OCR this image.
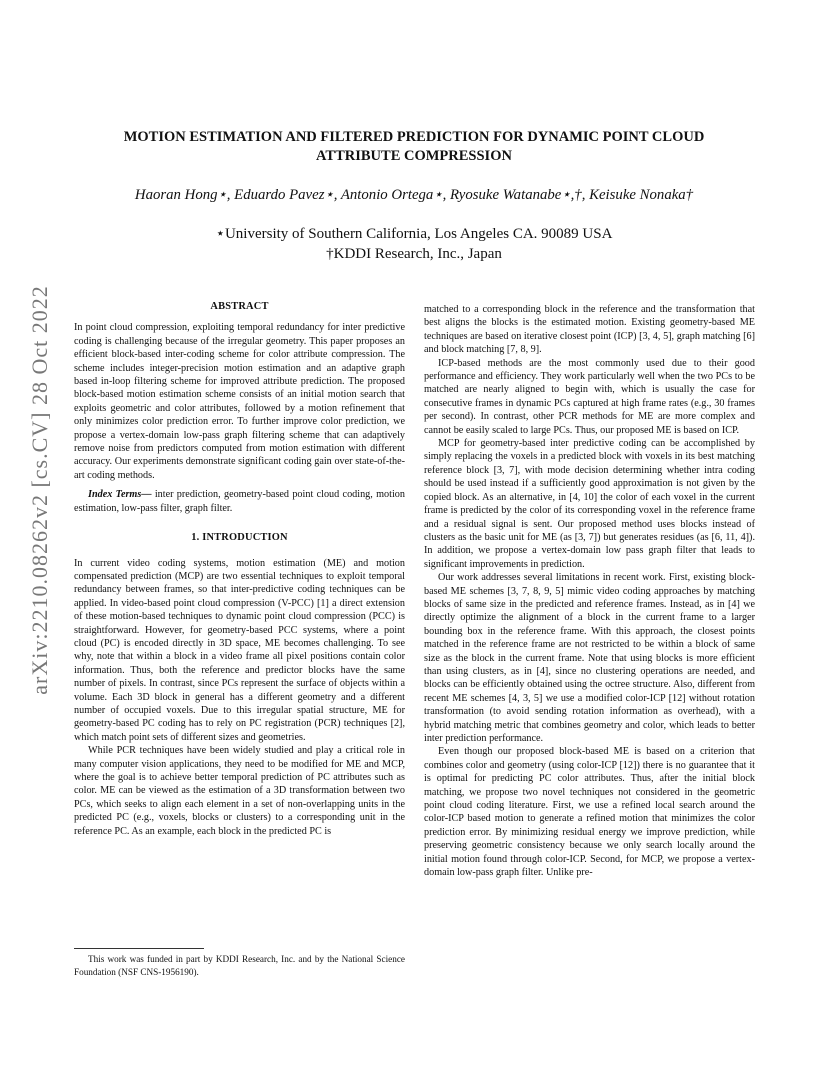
arXiv:2210.08262v2 [cs.CV] 28 Oct 2022
MOTION ESTIMATION AND FILTERED PREDICTION FOR DYNAMIC POINT CLOUD
ATTRIBUTE COMPRESSION

Haoran Hong⋆, Eduardo Pavez⋆, Antonio Ortega⋆, Ryosuke Watanabe⋆,†, Keisuke Nonaka†

⋆University of Southern California, Los Angeles CA. 90089 USA
†KDDI Research, Inc., Japan
ABSTRACT

In point cloud compression, exploiting temporal redundancy for inter predictive coding is challenging because of the irregular geometry. This paper proposes an efficient block-based inter-coding scheme for color attribute compression. The scheme includes integer-precision motion estimation and an adaptive graph based in-loop filtering scheme for improved attribute prediction. The proposed block-based motion estimation scheme consists of an initial motion search that exploits geometric and color attributes, followed by a motion refinement that only minimizes color prediction error. To further improve color prediction, we propose a vertex-domain low-pass graph filtering scheme that can adaptively remove noise from predictors computed from motion estimation with different accuracy. Our experiments demonstrate significant coding gain over state-of-the-art coding methods.

Index Terms— inter prediction, geometry-based point cloud coding, motion estimation, low-pass filter, graph filter.

1. INTRODUCTION

In current video coding systems, motion estimation (ME) and motion compensated prediction (MCP) are two essential techniques to exploit temporal redundancy between frames, so that inter-predictive coding techniques can be applied. In video-based point cloud compression (V-PCC) [1] a direct extension of these motion-based techniques to dynamic point cloud compression (PCC) is straightforward. However, for geometry-based PCC systems, where a point cloud (PC) is encoded directly in 3D space, ME becomes challenging. To see why, note that within a block in a video frame all pixel positions contain color information. Thus, both the reference and predictor blocks have the same number of pixels. In contrast, since PCs represent the surface of objects within a volume. Each 3D block in general has a different geometry and a different number of occupied voxels. Due to this irregular spatial structure, ME for geometry-based PC coding has to rely on PC registration (PCR) techniques [2], which match point sets of different sizes and geometries.

While PCR techniques have been widely studied and play a critical role in many computer vision applications, they need to be modified for ME and MCP, where the goal is to achieve better temporal prediction of PC attributes such as color. ME can be viewed as the estimation of a 3D transformation between two PCs, which seeks to align each element in a set of non-overlapping units in the predicted PC (e.g., voxels, blocks or clusters) to a corresponding unit in the reference PC. As an example, each block in the predicted PC is

This work was funded in part by KDDI Research, Inc. and by the National Science Foundation (NSF CNS-1956190).

matched to a corresponding block in the reference and the transformation that best aligns the blocks is the estimated motion. Existing geometry-based ME techniques are based on iterative closest point (ICP) [3, 4, 5], graph matching [6] and block matching [7, 8, 9].

ICP-based methods are the most commonly used due to their good performance and efficiency. They work particularly well when the two PCs to be matched are nearly aligned to begin with, which is usually the case for consecutive frames in dynamic PCs captured at high frame rates (e.g., 30 frames per second). In contrast, other PCR methods for ME are more complex and cannot be easily scaled to large PCs. Thus, our proposed ME is based on ICP.

MCP for geometry-based inter predictive coding can be accomplished by simply replacing the voxels in a predicted block with voxels in its best matching reference block [3, 7], with mode decision determining whether intra coding should be used instead if a sufficiently good approximation is not given by the copied block. As an alternative, in [4, 10] the color of each voxel in the current frame is predicted by the color of its corresponding voxel in the reference frame and a residual signal is sent. Our proposed method uses blocks instead of clusters as the basic unit for ME (as [3, 7]) but generates residues (as [6, 11, 4]). In addition, we propose a vertex-domain low pass graph filter that leads to significant improvements in prediction.

Our work addresses several limitations in recent work. First, existing block-based ME schemes [3, 7, 8, 9, 5] mimic video coding approaches by matching blocks of same size in the predicted and reference frames. Instead, as in [4] we directly optimize the alignment of a block in the current frame to a larger bounding box in the reference frame. With this approach, the closest points matched in the reference frame are not restricted to be within a block of same size as the block in the current frame. Note that using blocks is more efficient than using clusters, as in [4], since no clustering operations are needed, and blocks can be efficiently obtained using the octree structure. Also, different from recent ME schemes [4, 3, 5] we use a modified color-ICP [12] without rotation transformation (to avoid sending rotation information as overhead), with a hybrid matching metric that combines geometry and color, which leads to better inter prediction performance.

Even though our proposed block-based ME is based on a criterion that combines color and geometry (using color-ICP [12]) there is no guarantee that it is optimal for predicting PC color attributes. Thus, after the initial block matching, we propose two novel techniques not considered in the geometric point cloud coding literature. First, we use a refined local search around the color-ICP based motion to generate a refined motion that minimizes the color prediction error. By minimizing residual energy we improve prediction, while preserving geometric consistency because we only search locally around the initial motion found through color-ICP. Second, for MCP, we propose a vertex-domain low-pass graph filter. Unlike pre-
